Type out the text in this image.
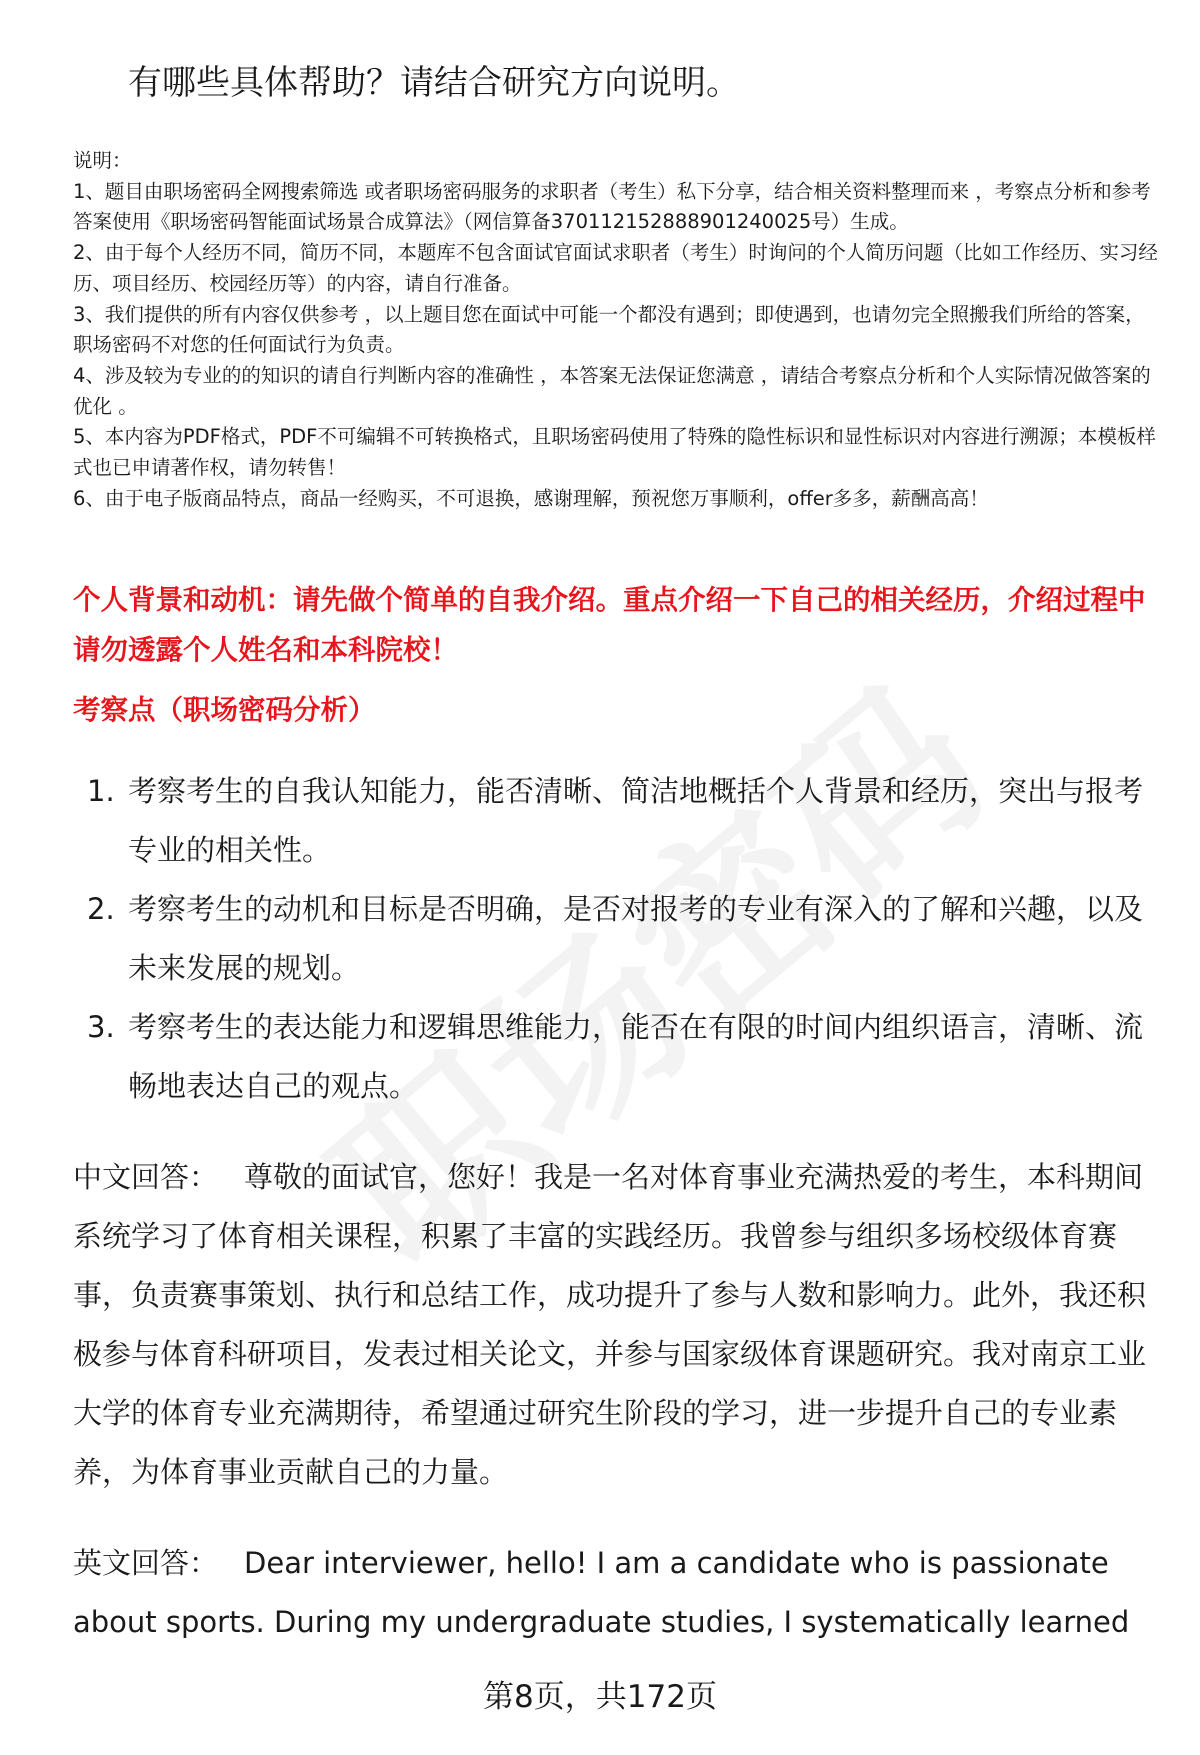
有哪些具体帮助？请结合研究方向说明。

说明：

1、题目由职场密码全网搜索筛选 或者职场密码服务的求职者（考生）私下分享，结合相关资料整理而来 ，考察点分析和参考答案使用《职场密码智能面试场景合成算法》（网信算备370112152888901240025号）生成。

2、由于每个人经历不同，简历不同，本题库不包含面试官面试求职者（考生）时询问的个人简历问题（比如工作经历、实习经历、项目经历、校园经历等）的内容，请自行准备。

3、我们提供的所有内容仅供参考 ，以上题目您在面试中可能一个都没有遇到；即使遇到，也请勿完全照搬我们所给的答案，职场密码不对您的任何面试行为负责。

4、涉及较为专业的的知识的请自行判断内容的准确性 ，本答案无法保证您满意 ，请结合考察点分析和个人实际情况做答案的优化 。

5、本内容为PDF格式，PDF不可编辑不可转换格式，且职场密码使用了特殊的隐性标识和显性标识对内容进行溯源；本模板样式也已申请著作权，请勿转售！

6、由于电子版商品特点，商品一经购买，不可退换，感谢理解，预祝您万事顺利，offer多多，薪酬高高！

个人背景和动机：请先做个简单的自我介绍。重点介绍一下自己的相关经历，介绍过程中请勿透露个人姓名和本科院校！
考察点（职场密码分析）
1. 考察考生的自我认知能力，能否清晰、简洁地概括个人背景和经历，突出与报考专业的相关性。
2. 考察考生的动机和目标是否明确，是否对报考的专业有深入的了解和兴趣，以及未来发展的规划。
3. 考察考生的表达能力和逻辑思维能力，能否在有限的时间内组织语言，清晰、流畅地表达自己的观点。

中文回答： 尊敬的面试官，您好！我是一名对体育事业充满热爱的考生，本科期间系统学习了体育相关课程，积累了丰富的实践经历。我曾参与组织多场校级体育赛事，负责赛事策划、执行和总结工作，成功提升了参与人数和影响力。此外，我还积极参与体育科研项目，发表过相关论文，并参与国家级体育课题研究。我对南京工业大学的体育专业充满期待，希望通过研究生阶段的学习，进一步提升自己的专业素养，为体育事业贡献自己的力量。

英文回答： Dear interviewer, hello! I am a candidate who is passionate about sports. During my undergraduate studies, I systematically learned

第8页，共172页
